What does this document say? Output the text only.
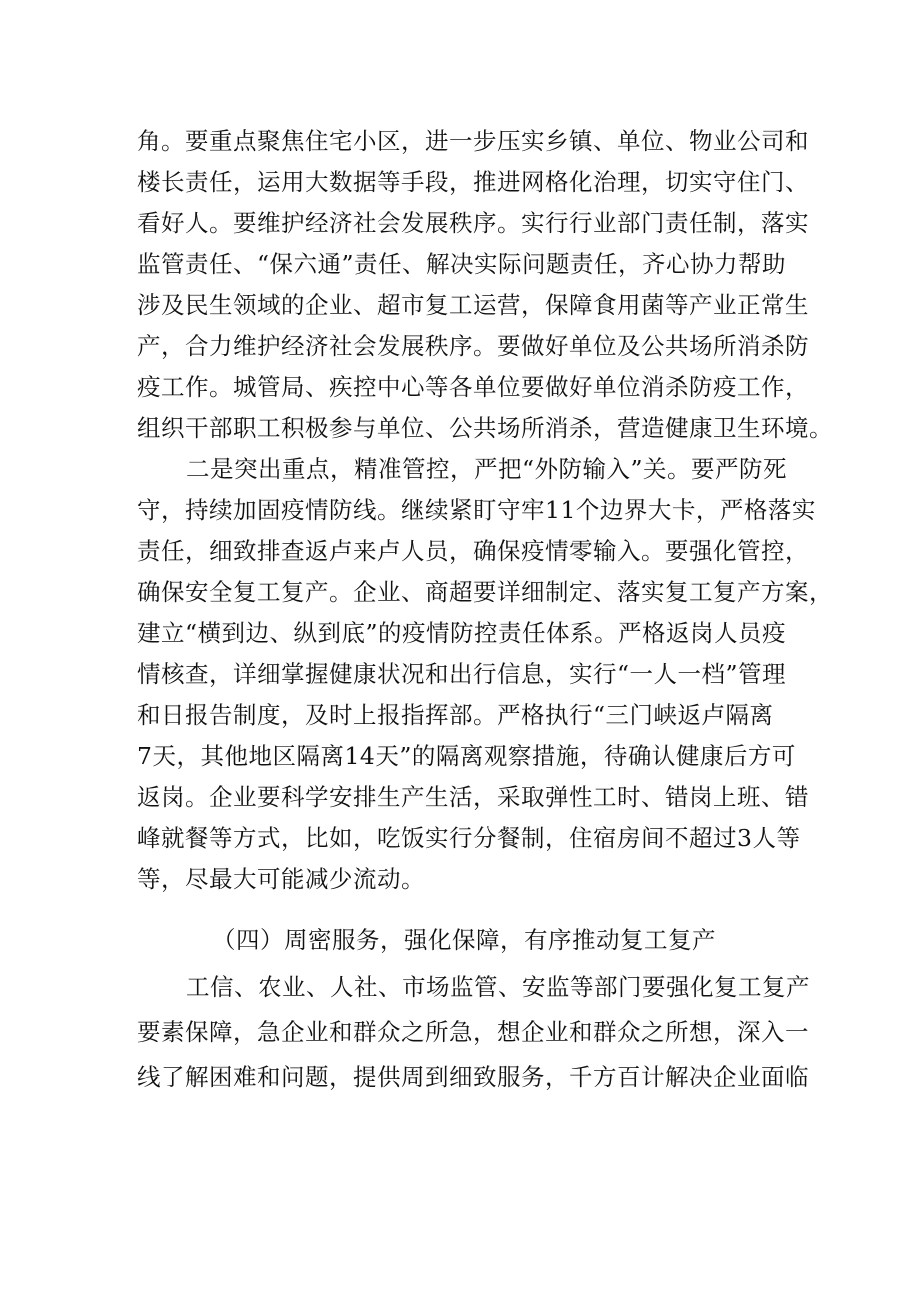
角。要重点聚焦住宅小区，进一步压实乡镇、单位、物业公司和
楼长责任，运用大数据等手段，推进网格化治理，切实守住门、
看好人。要维护经济社会发展秩序。实行行业部门责任制，落实
监管责任、“保六通”责任、解决实际问题责任，齐心协力帮助
涉及民生领域的企业、超市复工运营，保障食用菌等产业正常生
产，合力维护经济社会发展秩序。要做好单位及公共场所消杀防
疫工作。城管局、疾控中心等各单位要做好单位消杀防疫工作，
组织干部职工积极参与单位、公共场所消杀，营造健康卫生环境。
二是突出重点，精准管控，严把“外防输入”关。要严防死
守，持续加固疫情防线。继续紧盯守牢11个边界大卡，严格落实
责任，细致排查返卢来卢人员，确保疫情零输入。要强化管控，
确保安全复工复产。企业、商超要详细制定、落实复工复产方案，
建立“横到边、纵到底”的疫情防控责任体系。严格返岗人员疫
情核查，详细掌握健康状况和出行信息，实行“一人一档”管理
和日报告制度，及时上报指挥部。严格执行“三门峡返卢隔离
7天，其他地区隔离14天”的隔离观察措施，待确认健康后方可
返岗。企业要科学安排生产生活，采取弹性工时、错岗上班、错
峰就餐等方式，比如，吃饭实行分餐制，住宿房间不超过3人等
等，尽最大可能减少流动。
（四）周密服务，强化保障，有序推动复工复产
工信、农业、人社、市场监管、安监等部门要强化复工复产
要素保障，急企业和群众之所急，想企业和群众之所想，深入一
线了解困难和问题，提供周到细致服务，千方百计解决企业面临
